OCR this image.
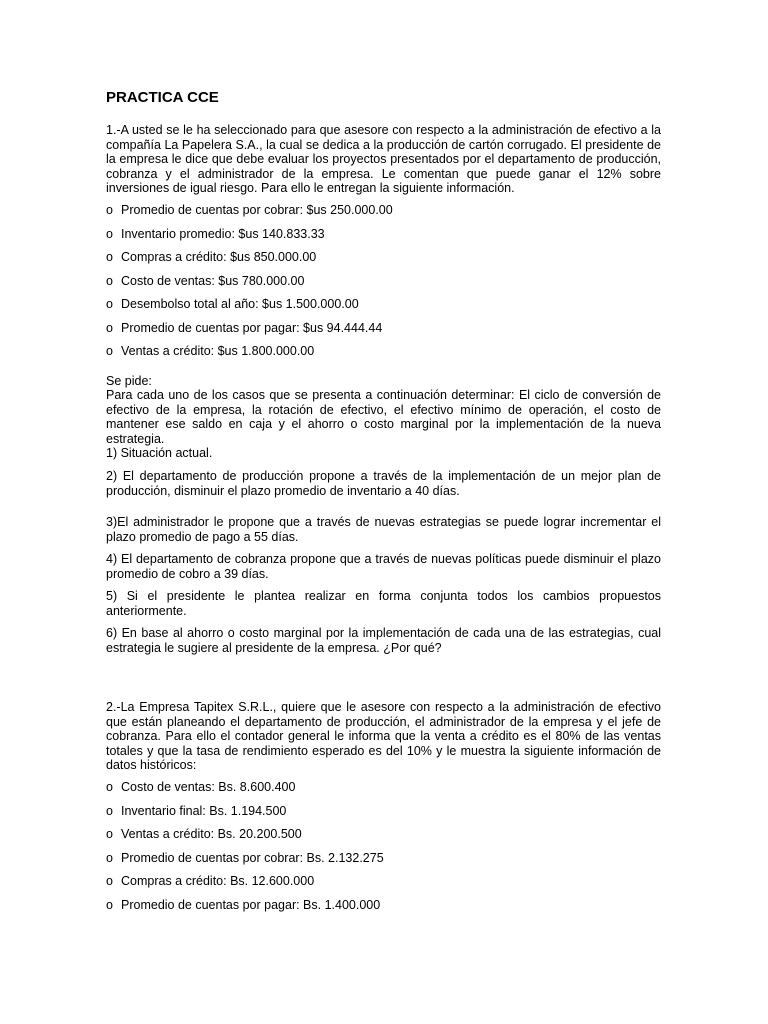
PRACTICA CCE

1.-A usted se le ha seleccionado para que asesore con respecto a la administración de efectivo a la compañía La Papelera S.A., la cual se dedica a la producción de cartón corrugado. El presidente de la empresa le dice que debe evaluar los proyectos presentados por el departamento de producción, cobranza y el administrador de la empresa. Le comentan que puede ganar el 12% sobre inversiones de igual riesgo. Para ello le entregan la siguiente información.

o Promedio de cuentas por cobrar: $us 250.000.00
o Inventario promedio: $us 140.833.33
o Compras a crédito: $us 850.000.00
o Costo de ventas: $us 780.000.00
o Desembolso total al año: $us 1.500.000.00
o Promedio de cuentas por pagar: $us 94.444.44
o Ventas a crédito: $us 1.800.000.00
Se pide:

Para cada uno de los casos que se presenta a continuación determinar: El ciclo de conversión de efectivo de la empresa, la rotación de efectivo, el efectivo mínimo de operación, el costo de mantener ese saldo en caja y el ahorro o costo marginal por la implementación de la nueva estrategia.

1) Situación actual.

2) El departamento de producción propone a través de la implementación de un mejor plan de producción, disminuir el plazo promedio de inventario a 40 días.

3)El administrador le propone que a través de nuevas estrategias se puede lograr incrementar el plazo promedio de pago a 55 días.

4) El departamento de cobranza propone que a través de nuevas políticas puede disminuir el plazo promedio de cobro a 39 días.

5) Si el presidente le plantea realizar en forma conjunta todos los cambios propuestos anteriormente.

6) En base al ahorro o costo marginal por la implementación de cada una de las estrategias, cual estrategia le sugiere al presidente de la empresa. ¿Por qué?

2.-La Empresa Tapitex S.R.L., quiere que le asesore con respecto a la administración de efectivo que están planeando el departamento de producción, el administrador de la empresa y el jefe de cobranza. Para ello el contador general le informa que la venta a crédito es el 80% de las ventas totales y que la tasa de rendimiento esperado es del 10% y le muestra la siguiente información de datos históricos:

o Costo de ventas: Bs. 8.600.400
o Inventario final: Bs. 1.194.500
o Ventas a crédito: Bs. 20.200.500
o Promedio de cuentas por cobrar: Bs. 2.132.275
o Compras a crédito: Bs. 12.600.000
o Promedio de cuentas por pagar: Bs. 1.400.000
